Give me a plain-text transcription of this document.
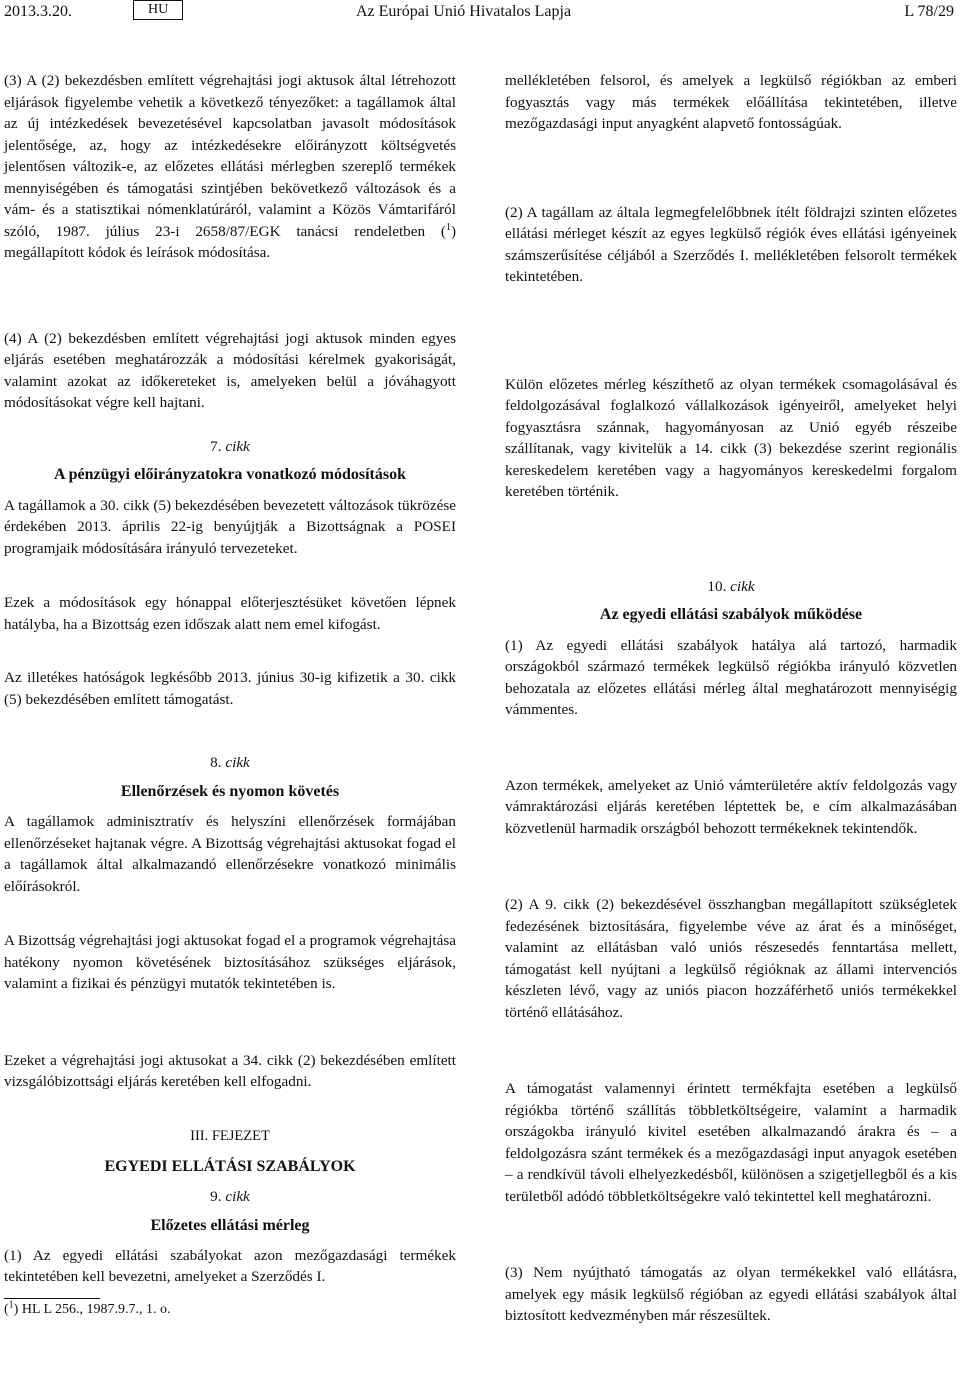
2013.3.20.	HU	Az Európai Unió Hivatalos Lapja	L 78/29

(3) A (2) bekezdésben említett végrehajtási jogi aktusok által létrehozott eljárások figyelembe vehetik a következő tényezőket: a tagállamok által az új intézkedések bevezetésével kapcsolatban javasolt módosítások jelentősége, az, hogy az intézkedésekre előirányzott költségvetés jelentősen változik-e, az előzetes ellátási mérlegben szereplő termékek mennyiségében és támogatási szintjében bekövetkező változások és a vám- és a statisztikai nómenklatúráról, valamint a Közös Vámtarifáról szóló, 1987. július 23-i 2658/87/EGK tanácsi rendeletben ($^1$) megállapított kódok és leírások módosítása.

(4) A (2) bekezdésben említett végrehajtási jogi aktusok minden egyes eljárás esetében meghatározzák a módosítási kérelmek gyakoriságát, valamint azokat az időkereteket is, amelyeken belül a jóváhagyott módosításokat végre kell hajtani.

7. cikk

A pénzügyi előirányzatokra vonatkozó módosítások

A tagállamok a 30. cikk (5) bekezdésében bevezetett változások tükrözése érdekében 2013. április 22-ig benyújtják a Bizottságnak a POSEI programjaik módosítására irányuló tervezeteket.

Ezek a módosítások egy hónappal előterjesztésüket követően lépnek hatályba, ha a Bizottság ezen időszak alatt nem emel kifogást.

Az illetékes hatóságok legkésőbb 2013. június 30-ig kifizetik a 30. cikk (5) bekezdésében említett támogatást.

8. cikk

Ellenőrzések és nyomon követés

A tagállamok adminisztratív és helyszíni ellenőrzések formájában ellenőrzéseket hajtanak végre. A Bizottság végrehajtási aktusokat fogad el a tagállamok által alkalmazandó ellenőrzésekre vonatkozó minimális előírásokról.

A Bizottság végrehajtási jogi aktusokat fogad el a programok végrehajtása hatékony nyomon követésének biztosításához szükséges eljárások, valamint a fizikai és pénzügyi mutatók tekintetében is.

Ezeket a végrehajtási jogi aktusokat a 34. cikk (2) bekezdésében említett vizsgálóbizottsági eljárás keretében kell elfogadni.

III. FEJEZET

EGYEDI ELLÁTÁSI SZABÁLYOK

9. cikk

Előzetes ellátási mérleg

(1) Az egyedi ellátási szabályokat azon mezőgazdasági termékek tekintetében kell bevezetni, amelyeket a Szerződés I.

($^1$) HL L 256., 1987.9.7., 1. o.

mellékletében felsorol, és amelyek a legkülső régiókban az emberi fogyasztás vagy más termékek előállítása tekintetében, illetve mezőgazdasági input anyagként alapvető fontosságúak.

(2) A tagállam az általa legmegfelelőbbnek ítélt földrajzi szinten előzetes ellátási mérleget készít az egyes legkülső régiók éves ellátási igényeinek számszerűsítése céljából a Szerződés I. mellékletében felsorolt termékek tekintetében.

Külön előzetes mérleg készíthető az olyan termékek csomagolásával és feldolgozásával foglalkozó vállalkozások igényeiről, amelyeket helyi fogyasztásra szánnak, hagyományosan az Unió egyéb részeibe szállítanak, vagy kivitelük a 14. cikk (3) bekezdése szerint regionális kereskedelem keretében vagy a hagyományos kereskedelmi forgalom keretében történik.

10. cikk

Az egyedi ellátási szabályok működése

(1) Az egyedi ellátási szabályok hatálya alá tartozó, harmadik országokból származó termékek legkülső régiókba irányuló közvetlen behozatala az előzetes ellátási mérleg által meghatározott mennyiségig vámmentes.

Azon termékek, amelyeket az Unió vámterületére aktív feldolgozás vagy vámraktározási eljárás keretében léptettek be, e cím alkalmazásában közvetlenül harmadik országból behozott termékeknek tekintendők.

(2) A 9. cikk (2) bekezdésével összhangban megállapított szükségletek fedezésének biztosítására, figyelembe véve az árat és a minőséget, valamint az ellátásban való uniós részesedés fenntartása mellett, támogatást kell nyújtani a legkülső régióknak az állami intervenciós készleten lévő, vagy az uniós piacon hozzáférhető uniós termékekkel történő ellátásához.

A támogatást valamennyi érintett termékfajta esetében a legkülső régiókba történő szállítás többletköltségeire, valamint a harmadik országokba irányuló kivitel esetében alkalmazandó árakra és – a feldolgozásra szánt termékek és a mezőgazdasági input anyagok esetében – a rendkívül távoli elhelyezkedésből, különösen a szigetjellegből és a kis területből adódó többletköltségekre való tekintettel kell meghatározni.

(3) Nem nyújtható támogatás az olyan termékekkel való ellátásra, amelyek egy másik legkülső régióban az egyedi ellátási szabályok által biztosított kedvezményben már részesültek.
